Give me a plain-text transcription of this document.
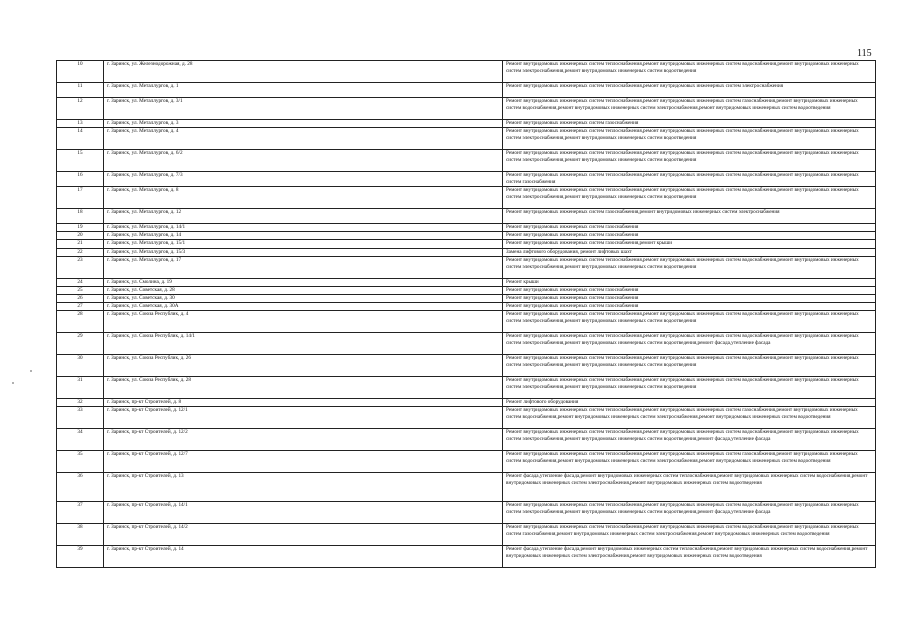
115
10	г. Заринск, ул. Железнодорожная, д. 28	Ремонт внутридомовых инженерных систем теплоснабжения,ремонт внутридомовых инженерных систем водоснабжения,ремонт внутридомовых инженерных систем электроснабжения,ремонт внутридомовых инженерных систем водоотведения
11	г. Заринск, ул. Металлургов, д. 1	Ремонт внутридомовых инженерных систем теплоснабжения,ремонт внутридомовых инженерных систем электроснабжения
12	г. Заринск, ул. Металлургов, д. 3/1	Ремонт внутридомовых инженерных систем теплоснабжения,ремонт внутридомовых инженерных систем газоснабжения,ремонт внутридомовых инженерных систем водоснабжения,ремонт внутридомовых инженерных систем электроснабжения,ремонт внутридомовых инженерных систем водоотведения
13	г. Заринск, ул. Металлургов, д. 3	Ремонт внутридомовых инженерных систем газоснабжения
14	г. Заринск, ул. Металлургов, д. 4	Ремонт внутридомовых инженерных систем теплоснабжения,ремонт внутридомовых инженерных систем водоснабжения,ремонт внутридомовых инженерных систем электроснабжения,ремонт внутридомовых инженерных систем водоотведения
15	г. Заринск, ул. Металлургов, д. 6/2	Ремонт внутридомовых инженерных систем теплоснабжения,ремонт внутридомовых инженерных систем водоснабжения,ремонт внутридомовых инженерных систем электроснабжения,ремонт внутридомовых инженерных систем водоотведения
16	г. Заринск, ул. Металлургов, д. 7/3	Ремонт внутридомовых инженерных систем теплоснабжения,ремонт внутридомовых инженерных систем водоснабжения,ремонт внутридомовых инженерных систем газоснабжения
17	г. Заринск, ул. Металлургов, д. 8	Ремонт внутридомовых инженерных систем теплоснабжения,ремонт внутридомовых инженерных систем водоснабжения,ремонт внутридомовых инженерных систем электроснабжения,ремонт внутридомовых инженерных систем водоотведения
18	г. Заринск, ул. Металлургов, д. 12	Ремонт внутридомовых инженерных систем газоснабжения,ремонт внутридомовых инженерных систем электроснабжения
19	г. Заринск, ул. Металлургов, д. 14/1	Ремонт внутридомовых инженерных систем газоснабжения
20	г. Заринск, ул. Металлургов, д. 14	Ремонт внутридомовых инженерных систем газоснабжения
21	г. Заринск, ул. Металлургов, д. 15/1	Ремонт внутридомовых инженерных систем газоснабжения,ремонт крыши
22	г. Заринск, ул. Металлургов, д. 15/3	Замена лифтового оборудования, ремонт лифтовых шахт
23	г. Заринск, ул. Металлургов, д. 17	Ремонт внутридомовых инженерных систем теплоснабжения,ремонт внутридомовых инженерных систем водоснабжения,ремонт внутридомовых инженерных систем электроснабжения,ремонт внутридомовых инженерных систем водоотведения
24	г. Заринск, ул. Смолина, д. 19	Ремонт крыши
25	г. Заринск, ул. Советская, д. 28	Ремонт внутридомовых инженерных систем газоснабжения
26	г. Заринск, ул. Советская, д. 30	Ремонт внутридомовых инженерных систем газоснабжения
27	г. Заринск, ул. Советская, д. 30А	Ремонт внутридомовых инженерных систем газоснабжения
28	г. Заринск, ул. Союза Республик, д. 4	Ремонт внутридомовых инженерных систем теплоснабжения,ремонт внутридомовых инженерных систем водоснабжения,ремонт внутридомовых инженерных систем электроснабжения,ремонт внутридомовых инженерных систем водоотведения
29	г. Заринск, ул. Союза Республик, д. 14/1	Ремонт внутридомовых инженерных систем теплоснабжения,ремонт внутридомовых инженерных систем водоснабжения,ремонт внутридомовых инженерных систем электроснабжения,ремонт внутридомовых инженерных систем водоотведения,ремонт фасада,утепление фасада
30	г. Заринск, ул. Союза Республик, д. 26	Ремонт внутридомовых инженерных систем теплоснабжения,ремонт внутридомовых инженерных систем водоснабжения,ремонт внутридомовых инженерных систем электроснабжения,ремонт внутридомовых инженерных систем водоотведения
31	г. Заринск, ул. Союза Республик, д. 28	Ремонт внутридомовых инженерных систем теплоснабжения,ремонт внутридомовых инженерных систем водоснабжения,ремонт внутридомовых инженерных систем электроснабжения,ремонт внутридомовых инженерных систем водоотведения
32	г. Заринск, пр-кт Строителей, д. 8	Ремонт лифтового оборудования
33	г. Заринск, пр-кт Строителей, д. 12/1	Ремонт внутридомовых инженерных систем теплоснабжения,ремонт внутридомовых инженерных систем газоснабжения,ремонт внутридомовых инженерных систем водоснабжения,ремонт внутридомовых инженерных систем электроснабжения,ремонт внутридомовых инженерных систем водоотведения
34	г. Заринск, пр-кт Строителей, д. 12/2	Ремонт внутридомовых инженерных систем теплоснабжения,ремонт внутридомовых инженерных систем водоснабжения,ремонт внутридомовых инженерных систем электроснабжения,ремонт внутридомовых инженерных систем водоотведения,ремонт фасада,утепление фасада
35	г. Заринск, пр-кт Строителей, д. 12/7	Ремонт внутридомовых инженерных систем теплоснабжения,ремонт внутридомовых инженерных систем газоснабжения,ремонт внутридомовых инженерных систем водоснабжения,ремонт внутридомовых инженерных систем электроснабжения,ремонт внутридомовых инженерных систем водоотведения
36	г. Заринск, пр-кт Строителей, д. 13	Ремонт фасада,утепление фасада,ремонт внутридомовых инженерных систем теплоснабжения,ремонт внутридомовых инженерных систем водоснабжения,ремонт внутридомовых инженерных систем электроснабжения,ремонт внутридомовых инженерных систем водоотведения
37	г. Заринск, пр-кт Строителей, д. 14/1	Ремонт внутридомовых инженерных систем теплоснабжения,ремонт внутридомовых инженерных систем водоснабжения,ремонт внутридомовых инженерных систем электроснабжения,ремонт внутридомовых инженерных систем водоотведения,ремонт фасада,утепление фасада
38	г. Заринск, пр-кт Строителей, д. 14/2	Ремонт внутридомовых инженерных систем теплоснабжения,ремонт внутридомовых инженерных систем водоснабжения,ремонт внутридомовых инженерных систем газоснабжения,ремонт внутридомовых инженерных систем электроснабжения,ремонт внутридомовых инженерных систем водоотведения
39	г. Заринск, пр-кт Строителей, д. 14	Ремонт фасада,утепление фасада,ремонт внутридомовых инженерных систем теплоснабжения,ремонт внутридомовых инженерных систем водоснабжения,ремонт внутридомовых инженерных систем электроснабжения,ремонт внутридомовых инженерных систем водоотведения
